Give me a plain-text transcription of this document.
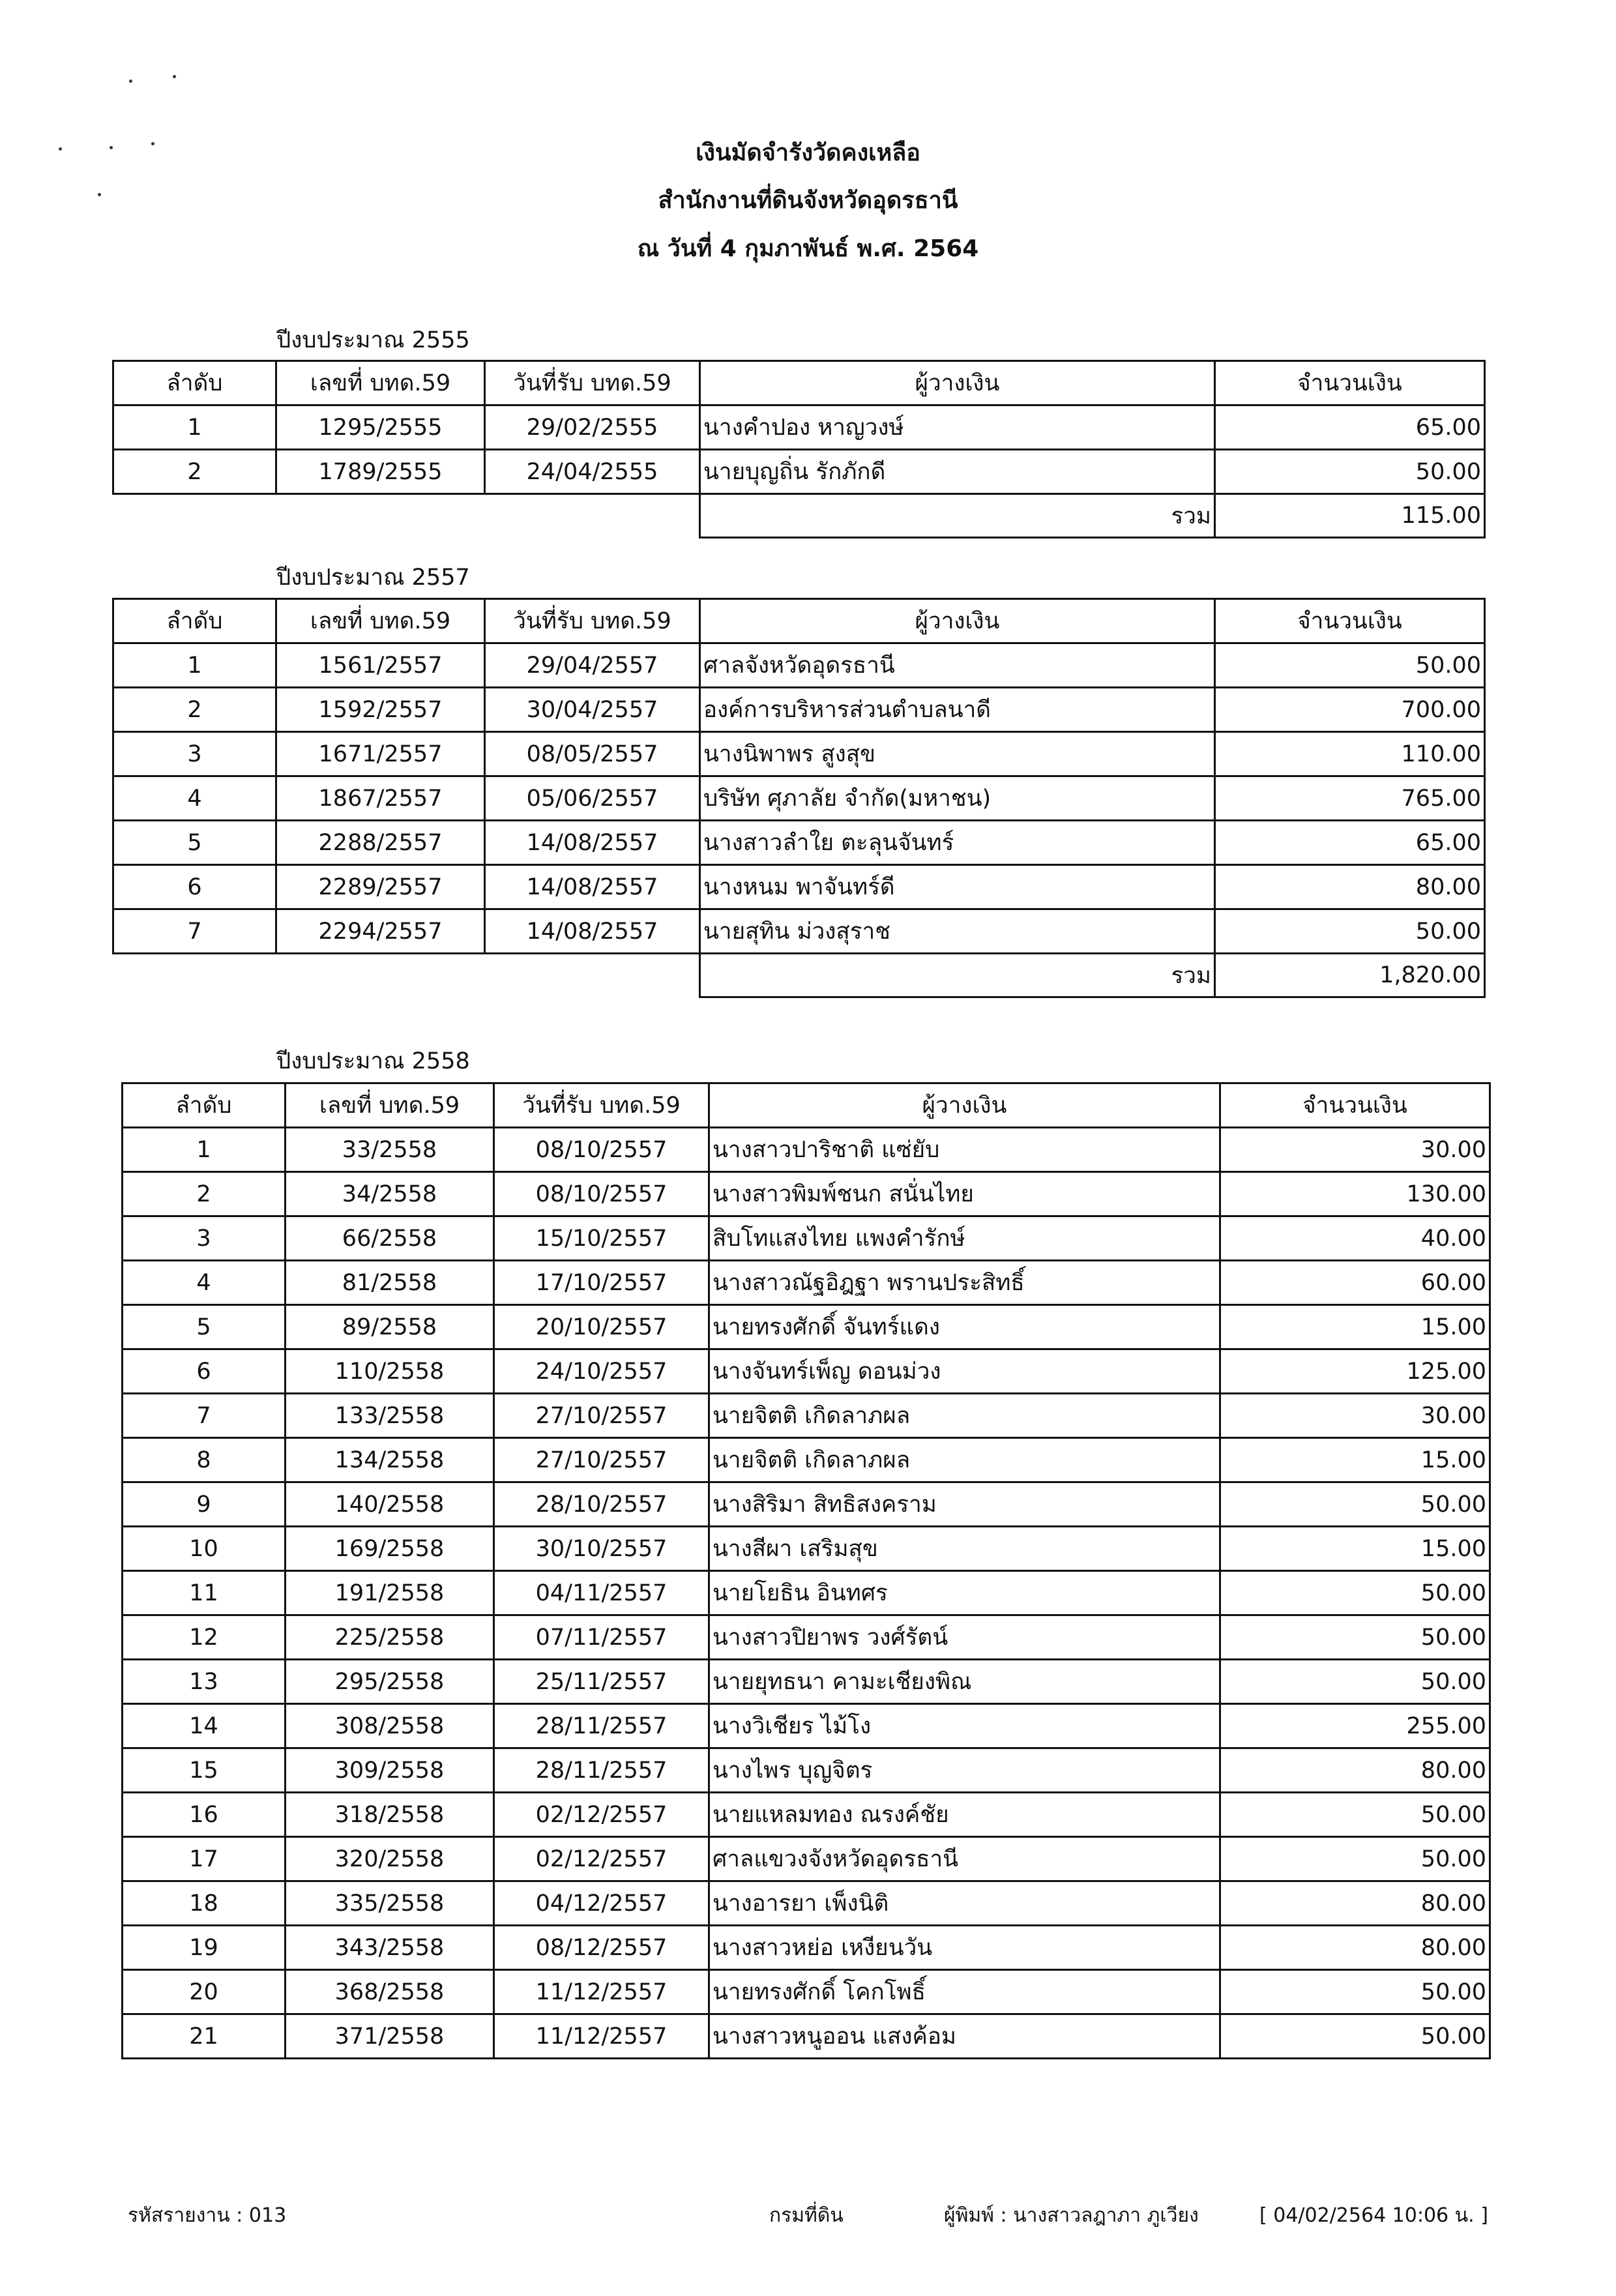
เงินมัดจำรังวัดคงเหลือ
สำนักงานที่ดินจังหวัดอุดรธานี
ณ วันที่ 4 กุมภาพันธ์ พ.ศ. 2564
ปีงบประมาณ 2555
ลำดับ	เลขที่ บทด.59	วันที่รับ บทด.59	ผู้วางเงิน	จำนวนเงิน
1	1295/2555	29/02/2555	นางคำปอง หาญวงษ์	65.00
2	1789/2555	24/04/2555	นายบุญถิ่น รักภักดี	50.00
			รวม	115.00
ปีงบประมาณ 2557
ลำดับ	เลขที่ บทด.59	วันที่รับ บทด.59	ผู้วางเงิน	จำนวนเงิน
1	1561/2557	29/04/2557	ศาลจังหวัดอุดรธานี	50.00
2	1592/2557	30/04/2557	องค์การบริหารส่วนตำบลนาดี	700.00
3	1671/2557	08/05/2557	นางนิพาพร สูงสุข	110.00
4	1867/2557	05/06/2557	บริษัท ศุภาลัย จำกัด(มหาชน)	765.00
5	2288/2557	14/08/2557	นางสาวลำใย ตะลุนจันทร์	65.00
6	2289/2557	14/08/2557	นางหนม พาจันทร์ดี	80.00
7	2294/2557	14/08/2557	นายสุทิน ม่วงสุราช	50.00
			รวม	1,820.00
ปีงบประมาณ 2558
ลำดับ	เลขที่ บทด.59	วันที่รับ บทด.59	ผู้วางเงิน	จำนวนเงิน
1	33/2558	08/10/2557	นางสาวปาริชาติ แซ่ยับ	30.00
2	34/2558	08/10/2557	นางสาวพิมพ์ชนก สนั่นไทย	130.00
3	66/2558	15/10/2557	สิบโทแสงไทย แพงคำรักษ์	40.00
4	81/2558	17/10/2557	นางสาวณัฐอิฎฐา พรานประสิทธิ์	60.00
5	89/2558	20/10/2557	นายทรงศักดิ์ จันทร์แดง	15.00
6	110/2558	24/10/2557	นางจันทร์เพ็ญ ดอนม่วง	125.00
7	133/2558	27/10/2557	นายจิตติ เกิดลาภผล	30.00
8	134/2558	27/10/2557	นายจิตติ เกิดลาภผล	15.00
9	140/2558	28/10/2557	นางสิริมา สิทธิสงคราม	50.00
10	169/2558	30/10/2557	นางสีผา เสริมสุข	15.00
11	191/2558	04/11/2557	นายโยธิน อินทศร	50.00
12	225/2558	07/11/2557	นางสาวปิยาพร วงศ์รัตน์	50.00
13	295/2558	25/11/2557	นายยุทธนา คามะเชียงพิณ	50.00
14	308/2558	28/11/2557	นางวิเชียร ไม้โง	255.00
15	309/2558	28/11/2557	นางไพร บุญจิตร	80.00
16	318/2558	02/12/2557	นายแหลมทอง ณรงค์ชัย	50.00
17	320/2558	02/12/2557	ศาลแขวงจังหวัดอุดรธานี	50.00
18	335/2558	04/12/2557	นางอารยา เพ็งนิติ	80.00
19	343/2558	08/12/2557	นางสาวหย่อ เหงียนวัน	80.00
20	368/2558	11/12/2557	นายทรงศักดิ์ โคกโพธิ์	50.00
21	371/2558	11/12/2557	นางสาวหนูออน แสงค้อม	50.00
รหัสรายงาน : 013	กรมที่ดิน	ผู้พิมพ์ : นางสาวลฎาภา ภูเวียง	[ 04/02/2564 10:06 น. ]
